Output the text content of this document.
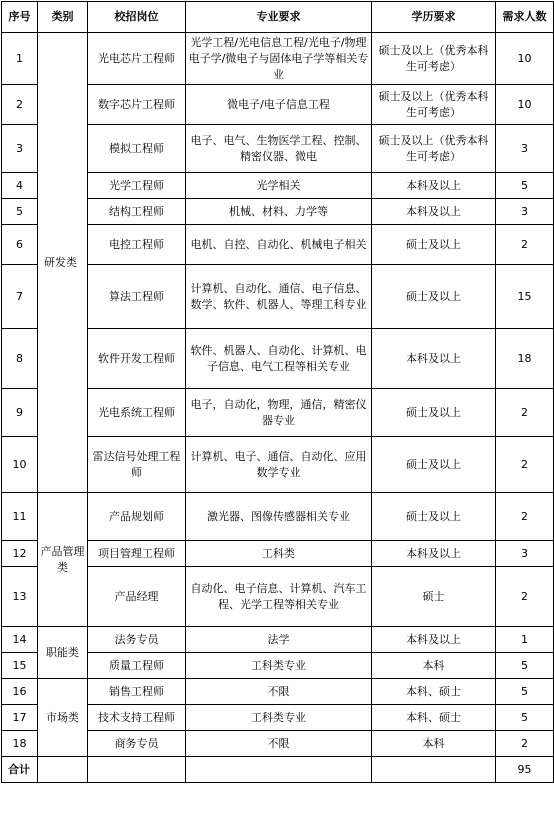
序号	类别	校招岗位	专业要求	学历要求	需求人数
1	研发类	光电芯片工程师	光学工程/光电信息工程/光电子/物理电子学/微电子与固体电子学等相关专业	硕士及以上（优秀本科生可考虑）	10
2		数字芯片工程师	微电子/电子信息工程	硕士及以上（优秀本科生可考虑）	10
3		模拟工程师	电子、电气、生物医学工程、控制、精密仪器、微电	硕士及以上（优秀本科生可考虑）	3
4		光学工程师	光学相关	本科及以上	5
5		结构工程师	机械、材料、力学等	本科及以上	3
6		电控工程师	电机、自控、自动化、机械电子相关	硕士及以上	2
7		算法工程师	计算机、自动化、通信、电子信息、数学、软件、机器人、等理工科专业	硕士及以上	15
8		软件开发工程师	软件、机器人、自动化、计算机、电子信息、电气工程等相关专业	本科及以上	18
9		光电系统工程师	电子，自动化，物理，通信，精密仪器专业	硕士及以上	2
10		雷达信号处理工程师	计算机、电子、通信、自动化、应用数学专业	硕士及以上	2
11	产品管理类	产品规划师	激光器、图像传感器相关专业	硕士及以上	2
12		项目管理工程师	工科类	本科及以上	3
13		产品经理	自动化、电子信息、计算机、汽车工程、光学工程等相关专业	硕士	2
14	职能类	法务专员	法学	本科及以上	1
15		质量工程师	工科类专业	本科	5
16	市场类	销售工程师	不限	本科、硕士	5
17		技术支持工程师	工科类专业	本科、硕士	5
18		商务专员	不限	本科	2
合计					95
